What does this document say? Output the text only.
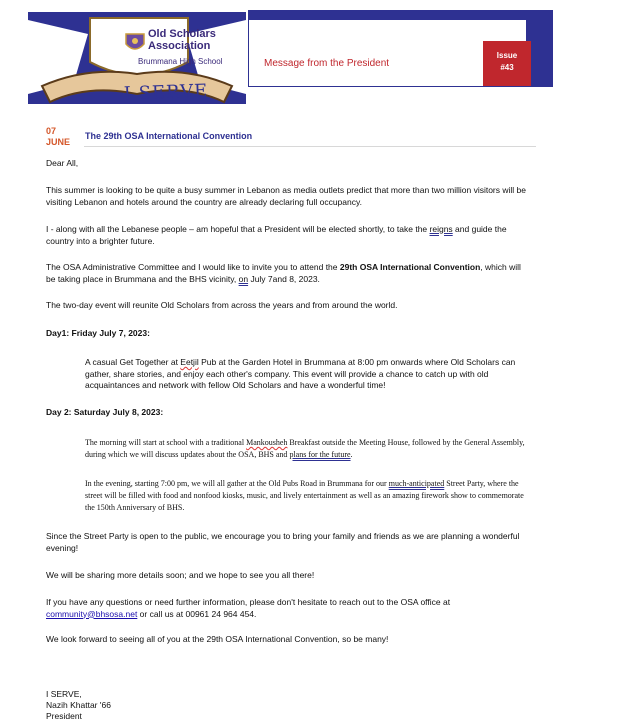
Old Scholars Association
Brummana High School
I SERVE
Message from the President
Issue
#43
07
JUNE
The 29th OSA International Convention
Dear All,
This summer is looking to be quite a busy summer in Lebanon as media outlets predict that more than two million visitors will be visiting Lebanon and hotels around the country are already declaring full occupancy.
I - along with all the Lebanese people – am hopeful that a President will be elected shortly, to take the reigns and guide the country into a brighter future.
The OSA Administrative Committee and I would like to invite you to attend the 29th OSA International Convention, which will be taking place in Brummana and the BHS vicinity, on July 7and 8, 2023.
The two-day event will reunite Old Scholars from across the years and from around the world.
Day1: Friday July 7, 2023:
A casual Get Together at Eetjil Pub at the Garden Hotel in Brummana at 8:00 pm onwards where Old Scholars can gather, share stories, and enjoy each other's company. This event will provide a chance to catch up with old acquaintances and network with fellow Old Scholars and have a wonderful time!
Day 2: Saturday July 8, 2023:
The morning will start at school with a traditional Mankousheh Breakfast outside the Meeting House, followed by the General Assembly, during which we will discuss updates about the OSA, BHS and plans for the future.
In the evening, starting 7:00 pm, we will all gather at the Old Pubs Road in Brummana for our much-anticipated Street Party, where the street will be filled with food and nonfood kiosks, music, and lively entertainment as well as an amazing firework show to commemorate the 150th Anniversary of BHS.
Since the Street Party is open to the public, we encourage you to bring your family and friends as we are planning a wonderful evening!
We will be sharing more details soon; and we hope to see you all there!
If you have any questions or need further information, please don't hesitate to reach out to the OSA office at community@bhsosa.net or call us at 00961 24 964 454.
We look forward to seeing all of you at the 29th OSA International Convention, so be many!
I SERVE,
Nazih Khattar '66
President
